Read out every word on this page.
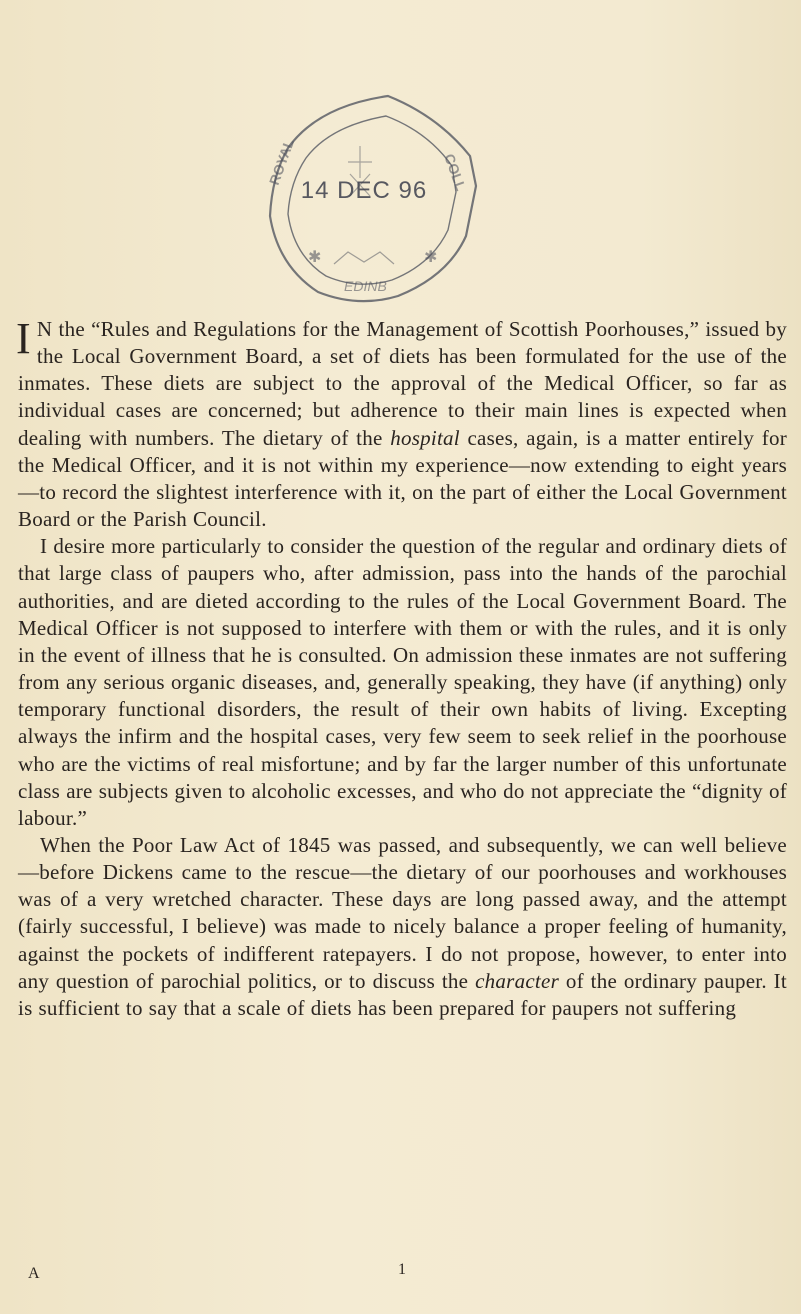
ROYAL	COLL
✱	✱
EDINB
14 DEC 96

I N the “Rules and Regulations for the Management of Scottish Poorhouses,” issued by the Local Government Board, a set of diets has been formulated for the use of the inmates. These diets are subject to the approval of the Medical Officer, so far as individual cases are concerned; but adherence to their main lines is expected when dealing with numbers. The dietary of the hospital cases, again, is a matter entirely for the Medical Officer, and it is not within my experience—now extending to eight years—to record the slightest interference with it, on the part of either the Local Government Board or the Parish Council.

I desire more particularly to consider the question of the regular and ordinary diets of that large class of paupers who, after admission, pass into the hands of the parochial authorities, and are dieted according to the rules of the Local Government Board. The Medical Officer is not supposed to interfere with them or with the rules, and it is only in the event of illness that he is consulted. On admission these inmates are not suffering from any serious organic diseases, and, generally speaking, they have (if anything) only temporary functional disorders, the result of their own habits of living. Excepting always the infirm and the hospital cases, very few seem to seek relief in the poorhouse who are the victims of real misfortune; and by far the larger number of this unfortunate class are subjects given to alcoholic excesses, and who do not appreciate the “dignity of labour.”

When the Poor Law Act of 1845 was passed, and subsequently, we can well believe—before Dickens came to the rescue—the dietary of our poorhouses and workhouses was of a very wretched character. These days are long passed away, and the attempt (fairly successful, I believe) was made to nicely balance a proper feeling of humanity, against the pockets of indifferent ratepayers. I do not propose, however, to enter into any question of parochial politics, or to discuss the character of the ordinary pauper. It is sufficient to say that a scale of diets has been prepared for paupers not suffering

A	1
